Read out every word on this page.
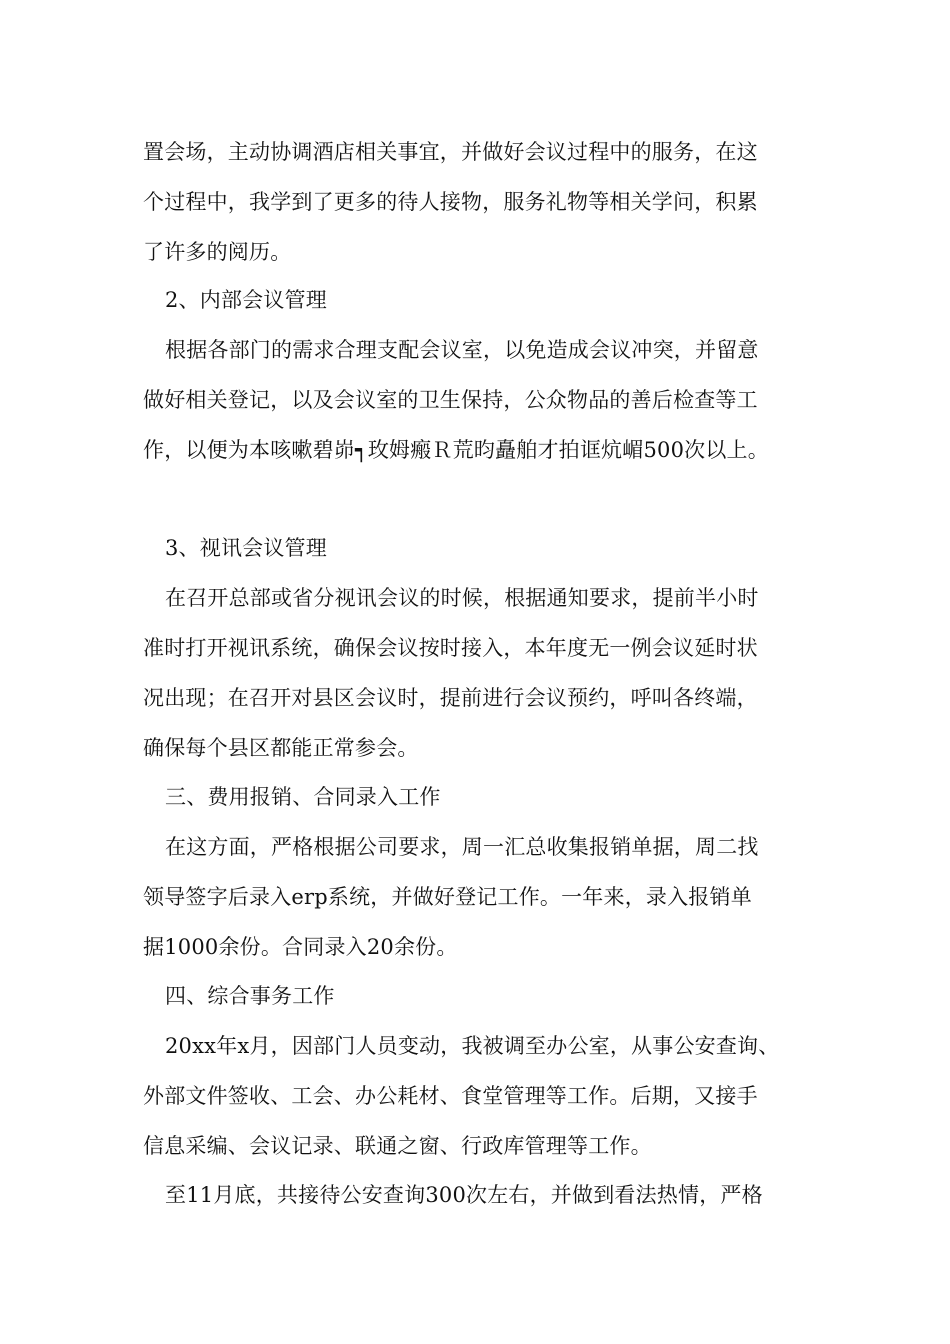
置会场，主动协调酒店相关事宜，并做好会议过程中的服务，在这
个过程中，我学到了更多的待人接物，服务礼物等相关学问，积累
了许多的阅历。
2、内部会议管理
根据各部门的需求合理支配会议室，以免造成会议冲突，并留意
做好相关登记，以及会议室的卫生保持，公众物品的善后检查等工
作，以便为本咳嗽碧峁┑玫姆瘢Ｒ荒昀矗舶才拍诓炕嵋500次以上。
3、视讯会议管理
在召开总部或省分视讯会议的时候，根据通知要求，提前半小时
准时打开视讯系统，确保会议按时接入，本年度无一例会议延时状
况出现；在召开对县区会议时，提前进行会议预约，呼叫各终端，
确保每个县区都能正常参会。
三、费用报销、合同录入工作
在这方面，严格根据公司要求，周一汇总收集报销单据，周二找
领导签字后录入erp系统，并做好登记工作。一年来，录入报销单
据1000余份。合同录入20余份。
四、综合事务工作
20xx年x月，因部门人员变动，我被调至办公室，从事公安查询、
外部文件签收、工会、办公耗材、食堂管理等工作。后期，又接手
信息采编、会议记录、联通之窗、行政库管理等工作。
至11月底，共接待公安查询300次左右，并做到看法热情，严格
